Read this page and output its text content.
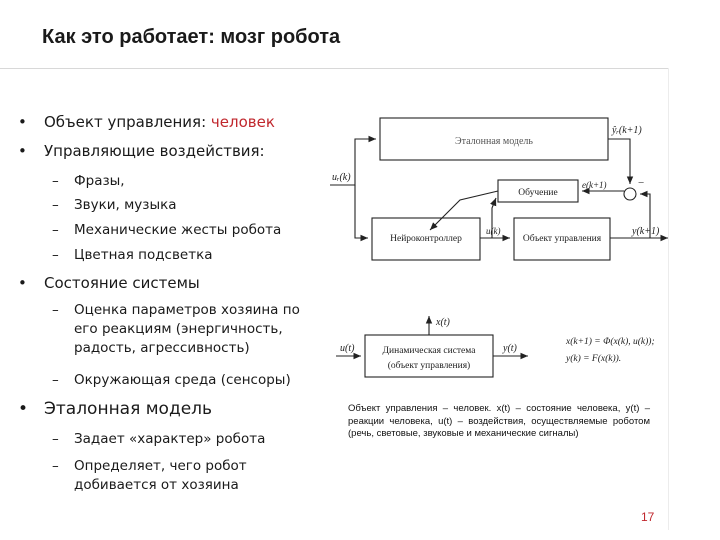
Как это работает: мозг робота
• Объект управления: человек
• Управляющие воздействия:
– Фразы,
– Звуки, музыка
– Механические жесты робота
– Цветная подсветка
• Состояние системы
– Оценка параметров хозяина по
его реакциям (энергичность,
радость, агрессивность)
– Окружающая среда (сенсоры)
• Эталонная модель
– Задает «характер» робота
– Определяет, чего робот
добивается от хозяина
Эталонная модель
Обучение
Нейроконтроллер	Объект управления
uᵣ(k)
ŷᵣ(k+1)
e(k+1)
u(k)	y(k+1)
−
Динамическая система
(объект управления)
x(t)
u(t)	y(t)
x(k+1) = Φ(x(k), u(k));
y(k) = F(x(k)).
Объект управления – человек. x(t) – состояние человека, y(t) – реакции человека, u(t) – воздействия, осуществляемые роботом (речь, световые, звуковые и механические сигналы)
17
